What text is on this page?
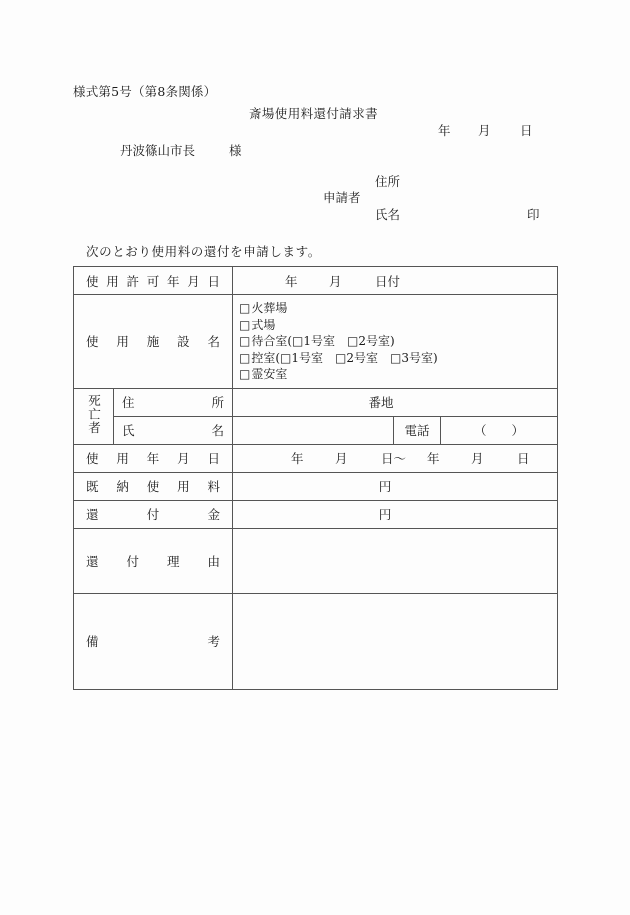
様式第5号（第8条関係）
斎場使用料還付請求書
年 月 日
丹波篠山市長	様
住所
申請者
氏名	印
次のとおり使用料の還付を申請します。
使用許可年月日		年 月 日付		

使用施設名		□火葬場
□式場
□待合室(□1号室　□2号室)
□控室(□1号室　□2号室　□3号室)
□霊安室		

死亡者	住所	番地		

	氏名		電話	（　　）

使用年月日		年 月 日～ 年 月 日		

既納使用料		円		

還付金		円		

還付理由				

備考				
